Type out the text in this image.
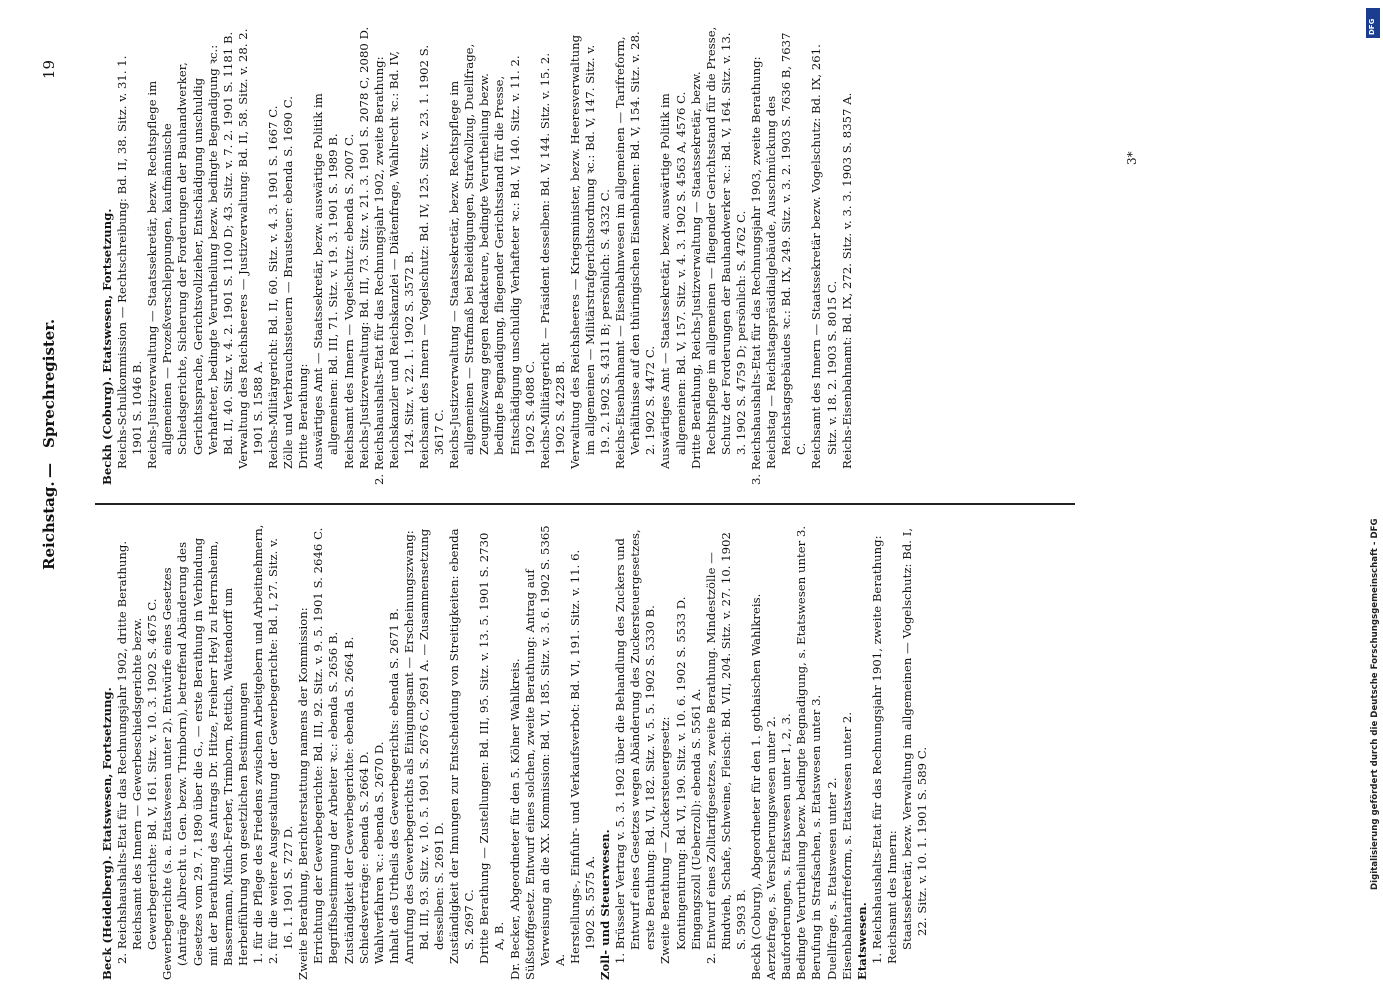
Reichstag.
—
Sprechregister.
19

Beck (Heidelberg). Etatswesen, Fortsetzung. 2. Reichshaushalts-Etat für das Rechnungsjahr 1902, dritte Berathung. Reichsamt des Innern — Gewerbeschiedsgerichte bezw. Gewerbegerichte: Bd. V, 161. Sitz. v. 10. 3. 1902 S. 4675 C. Gewerbegerichte (s. a. Etatswesen unter 2). Entwürfe eines Gesetzes (Anträge Albrecht u. Gen. bezw. Trimborn), betreffend Abänderung des Gesetzes vom 29. 7. 1890 über die G., — erste Berathung in Verbindung mit der Berathung des Antrags Dr. Hitze, Freiherr Heyl zu Herrnsheim, Bassermann, Münch-Ferber, Trimborn, Rettich, Wattendorff um Herbeiführung von gesetzlichen Bestimmungen 1. für die Pflege des Friedens zwischen Arbeitgebern und Arbeitnehmern, 2. für die weitere Ausgestaltung der Gewerbegerichte: Bd. I, 27. Sitz. v. 16. 1. 1901 S. 727 D. Zweite Berathung, Berichterstattung namens der Kommission: Errichtung der Gewerbegerichte: Bd. III, 92. Sitz. v. 9. 5. 1901 S. 2646 C. Begriffsbestimmung der Arbeiter ꝛc.: ebenda S. 2656 B. Zuständigkeit der Gewerbegerichte: ebenda S. 2664 B. Schiedsverträge: ebenda S. 2664 D. Wahlverfahren ꝛc.: ebenda S. 2670 D. Inhalt des Urtheils des Gewerbegerichts: ebenda S. 2671 B. Anrufung des Gewerbegerichts als Einigungsamt — Erscheinungszwang: Bd. III, 93. Sitz. v. 10. 5. 1901 S. 2676 C, 2691 A. — Zusammensetzung desselben: S. 2691 D. Zuständigkeit der Innungen zur Entscheidung von Streitigkeiten: ebenda S. 2697 C. Dritte Berathung — Zustellungen: Bd. III, 95. Sitz. v. 13. 5. 1901 S. 2730 A, B. Dr. Becker, Abgeordneter für den 5. Kölner Wahlkreis. Süßstoffgesetz. Entwurf eines solchen, zweite Berathung: Antrag auf Verweisung an die XX. Kommission: Bd. VI, 185. Sitz. v. 3. 6. 1902 S. 5365 A. Herstellungs-, Einfuhr- und Verkaufsverbot: Bd. VI, 191. Sitz. v. 11. 6. 1902 S. 5575 A. Zoll- und Steuerwesen. 1. Brüsseler Vertrag v. 5. 3. 1902 über die Behandlung des Zuckers und Entwurf eines Gesetzes wegen Abänderung des Zuckersteuergesetzes, erste Berathung: Bd. VI, 182. Sitz. v. 5. 5. 1902 S. 5330 B. Zweite Berathung — Zuckersteuergesetz: Kontingentirung: Bd. VI, 190. Sitz. v. 10. 6. 1902 S. 5533 D. Eingangszoll (Ueberzoll): ebenda S. 5561 A. 2. Entwurf eines Zolltarifgesetzes, zweite Berathung. Mindestzölle — Rindvieh, Schafe, Schweine, Fleisch: Bd. VII, 204. Sitz. v. 27. 10. 1902 S. 5993 B. Beckh (Coburg), Abgeordneter für den 1. gothaischen Wahlkreis. Aerztefrage, s. Versicherungswesen unter 2. Bauforderungen, s. Etatswesen unter 1, 2, 3. Bedingte Verurtheilung bezw. bedingte Begnadigung, s. Etatswesen unter 3. Berufung in Strafsachen, s. Etatswesen unter 3. Duellfrage, s. Etatswesen unter 2. Eisenbahntarifreform, s. Etatswesen unter 2. Etatswesen. 1. Reichshaushalts-Etat für das Rechnungsjahr 1901, zweite Berathung: Reichsamt des Innern: Staatssekretär, bezw. Verwaltung im allgemeinen — Vogelschutz: Bd. I, 22. Sitz. v. 10. 1. 1901 S. 589 C.

Beckh (Coburg). Etatswesen, Fortsetzung. Reichs-Schulkommission — Rechtschreibung: Bd. II, 38. Sitz. v. 31. 1. 1901 S. 1046 B. Reichs-Justizverwaltung — Staatssekretär, bezw. Rechtspflege im allgemeinen — Prozeßverschleppungen, kaufmännische Schiedsgerichte, Sicherung der Forderungen der Bauhandwerker, Gerichtssprache, Gerichtsvollzieher, Entschädigung unschuldig Verhafteter, bedingte Verurtheilung bezw. bedingte Begnadigung ꝛc.: Bd. II, 40. Sitz. v. 4. 2. 1901 S. 1100 D; 43. Sitz. v. 7. 2. 1901 S. 1181 B. Verwaltung des Reichsheeres — Justizverwaltung: Bd. II, 58. Sitz. v. 28. 2. 1901 S. 1588 A. Reichs-Militärgericht: Bd. II, 60. Sitz. v. 4. 3. 1901 S. 1667 C. Zölle und Verbrauchssteuern — Brausteuer: ebenda S. 1690 C. Dritte Berathung: Auswärtiges Amt — Staatssekretär, bezw. auswärtige Politik im allgemeinen: Bd. III, 71. Sitz. v. 19. 3. 1901 S. 1989 B. Reichsamt des Innern — Vogelschutz: ebenda S. 2007 C. Reichs-Justizverwaltung: Bd. III, 73. Sitz. v. 21. 3. 1901 S. 2078 C, 2080 D. 2. Reichshaushalts-Etat für das Rechnungsjahr 1902, zweite Berathung: Reichskanzler und Reichskanzlei — Diätenfrage, Wahlrecht ꝛc.: Bd. IV, 124. Sitz. v. 22. 1. 1902 S. 3572 B. Reichsamt des Innern — Vogelschutz: Bd. IV, 125. Sitz. v. 23. 1. 1902 S. 3617 C. Reichs-Justizverwaltung — Staatssekretär, bezw. Rechtspflege im allgemeinen — Strafmaß bei Beleidigungen, Strafvollzug, Duellfrage, Zeugnißzwang gegen Redakteure, bedingte Verurtheilung bezw. bedingte Begnadigung, fliegender Gerichtsstand für die Presse, Entschädigung unschuldig Verhafteter ꝛc.: Bd. V, 140. Sitz. v. 11. 2. 1902 S. 4088 C. Reichs-Militärgericht — Präsident desselben: Bd. V, 144. Sitz. v. 15. 2. 1902 S. 4228 B. Verwaltung des Reichsheeres — Kriegsminister, bezw. Heeresverwaltung im allgemeinen — Militärstrafgerichtsordnung ꝛc.: Bd. V, 147. Sitz. v. 19. 2. 1902 S. 4311 B; persönlich: S. 4332 C. Reichs-Eisenbahnamt — Eisenbahnwesen im allgemeinen — Tarifreform, Verhältnisse auf den thüringischen Eisenbahnen: Bd. V, 154. Sitz. v. 28. 2. 1902 S. 4472 C. Auswärtiges Amt — Staatssekretär, bezw. auswärtige Politik im allgemeinen: Bd. V, 157. Sitz. v. 4. 3. 1902 S. 4563 A, 4576 C. Dritte Berathung, Reichs-Justizverwaltung — Staatssekretär, bezw. Rechtspflege im allgemeinen — fliegender Gerichtsstand für die Presse, Schutz der Forderungen der Bauhandwerker ꝛc.: Bd. V, 164. Sitz. v. 13. 3. 1902 S. 4759 D; persönlich: S. 4762 C. 3. Reichshaushalts-Etat für das Rechnungsjahr 1903, zweite Berathung: Reichstag — Reichstagspräsidialgebäude, Ausschmückung des Reichstagsgebäudes ꝛc.: Bd. IX, 249. Sitz. v. 3. 2. 1903 S. 7636 B, 7637 C. Reichsamt des Innern — Staatssekretär bezw. Vogelschutz: Bd. IX, 261. Sitz. v. 18. 2. 1903 S. 8015 C. Reichs-Eisenbahnamt: Bd. IX, 272. Sitz. v. 3. 3. 1903 S. 8357 A.	3*
Digitalisierung gefördert durch die Deutsche Forschungsgemeinschaft - DFG
DFG
